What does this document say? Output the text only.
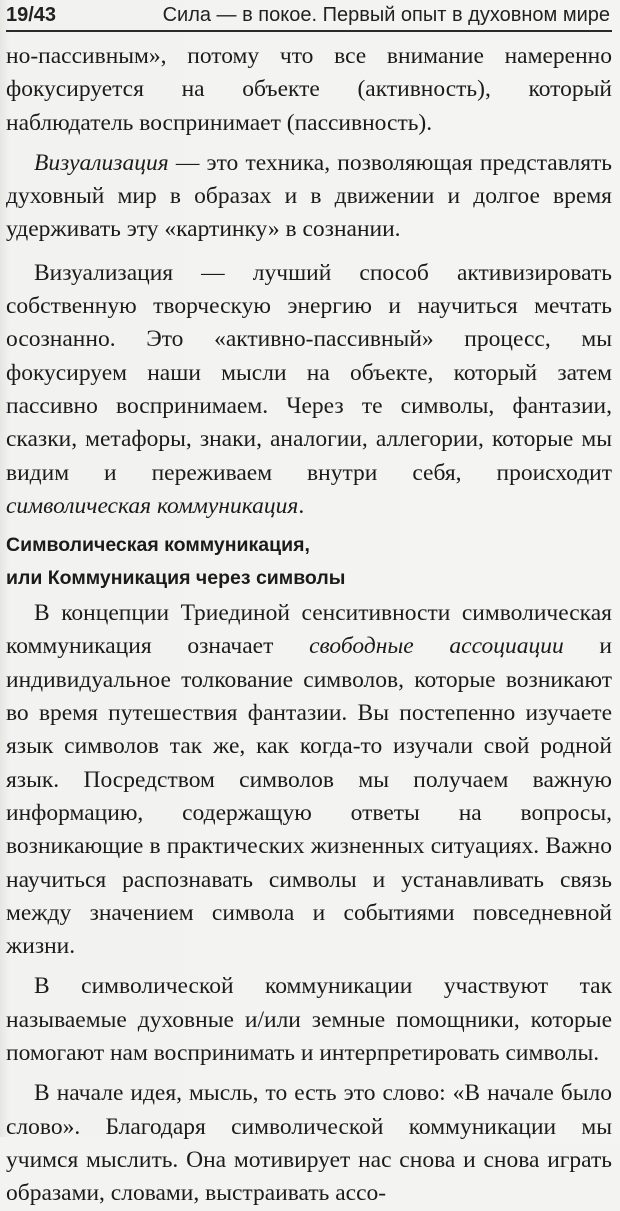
19/43	Сила — в покое. Первый опыт в духовном мире

но-пассивным», потому что все внимание намеренно фокусируется на объекте (активность), который наблюдатель воспринимает (пассивность).

Визуализация — это техника, позволяющая представлять духовный мир в образах и в движении и долгое время удерживать эту «картинку» в сознании.

Визуализация — лучший способ активизировать собственную творческую энергию и научиться мечтать осознанно. Это «активно-пассивный» процесс, мы фокусируем наши мысли на объекте, который затем пассивно воспринимаем. Через те символы, фантазии, сказки, метафоры, знаки, аналогии, аллегории, которые мы видим и переживаем внутри себя, происходит символическая коммуникация.

Символическая коммуникация,
или Коммуникация через символы

В концепции Триединой сенситивности символическая коммуникация означает свободные ассоциации и индивидуальное толкование символов, которые возникают во время путешествия фантазии. Вы постепенно изучаете язык символов так же, как когда-то изучали свой родной язык. Посредством символов мы получаем важную информацию, содержащую ответы на вопросы, возникающие в практических жизненных ситуациях. Важно научиться распознавать символы и устанавливать связь между значением символа и событиями повседневной жизни.

В символической коммуникации участвуют так называемые духовные и/или земные помощники, которые помогают нам воспринимать и интерпретировать символы.

В начале идея, мысль, то есть это слово: «В начале было слово». Благодаря символической коммуникации мы учимся мыслить. Она мотивирует нас снова и снова играть образами, словами, выстраивать ассо-
